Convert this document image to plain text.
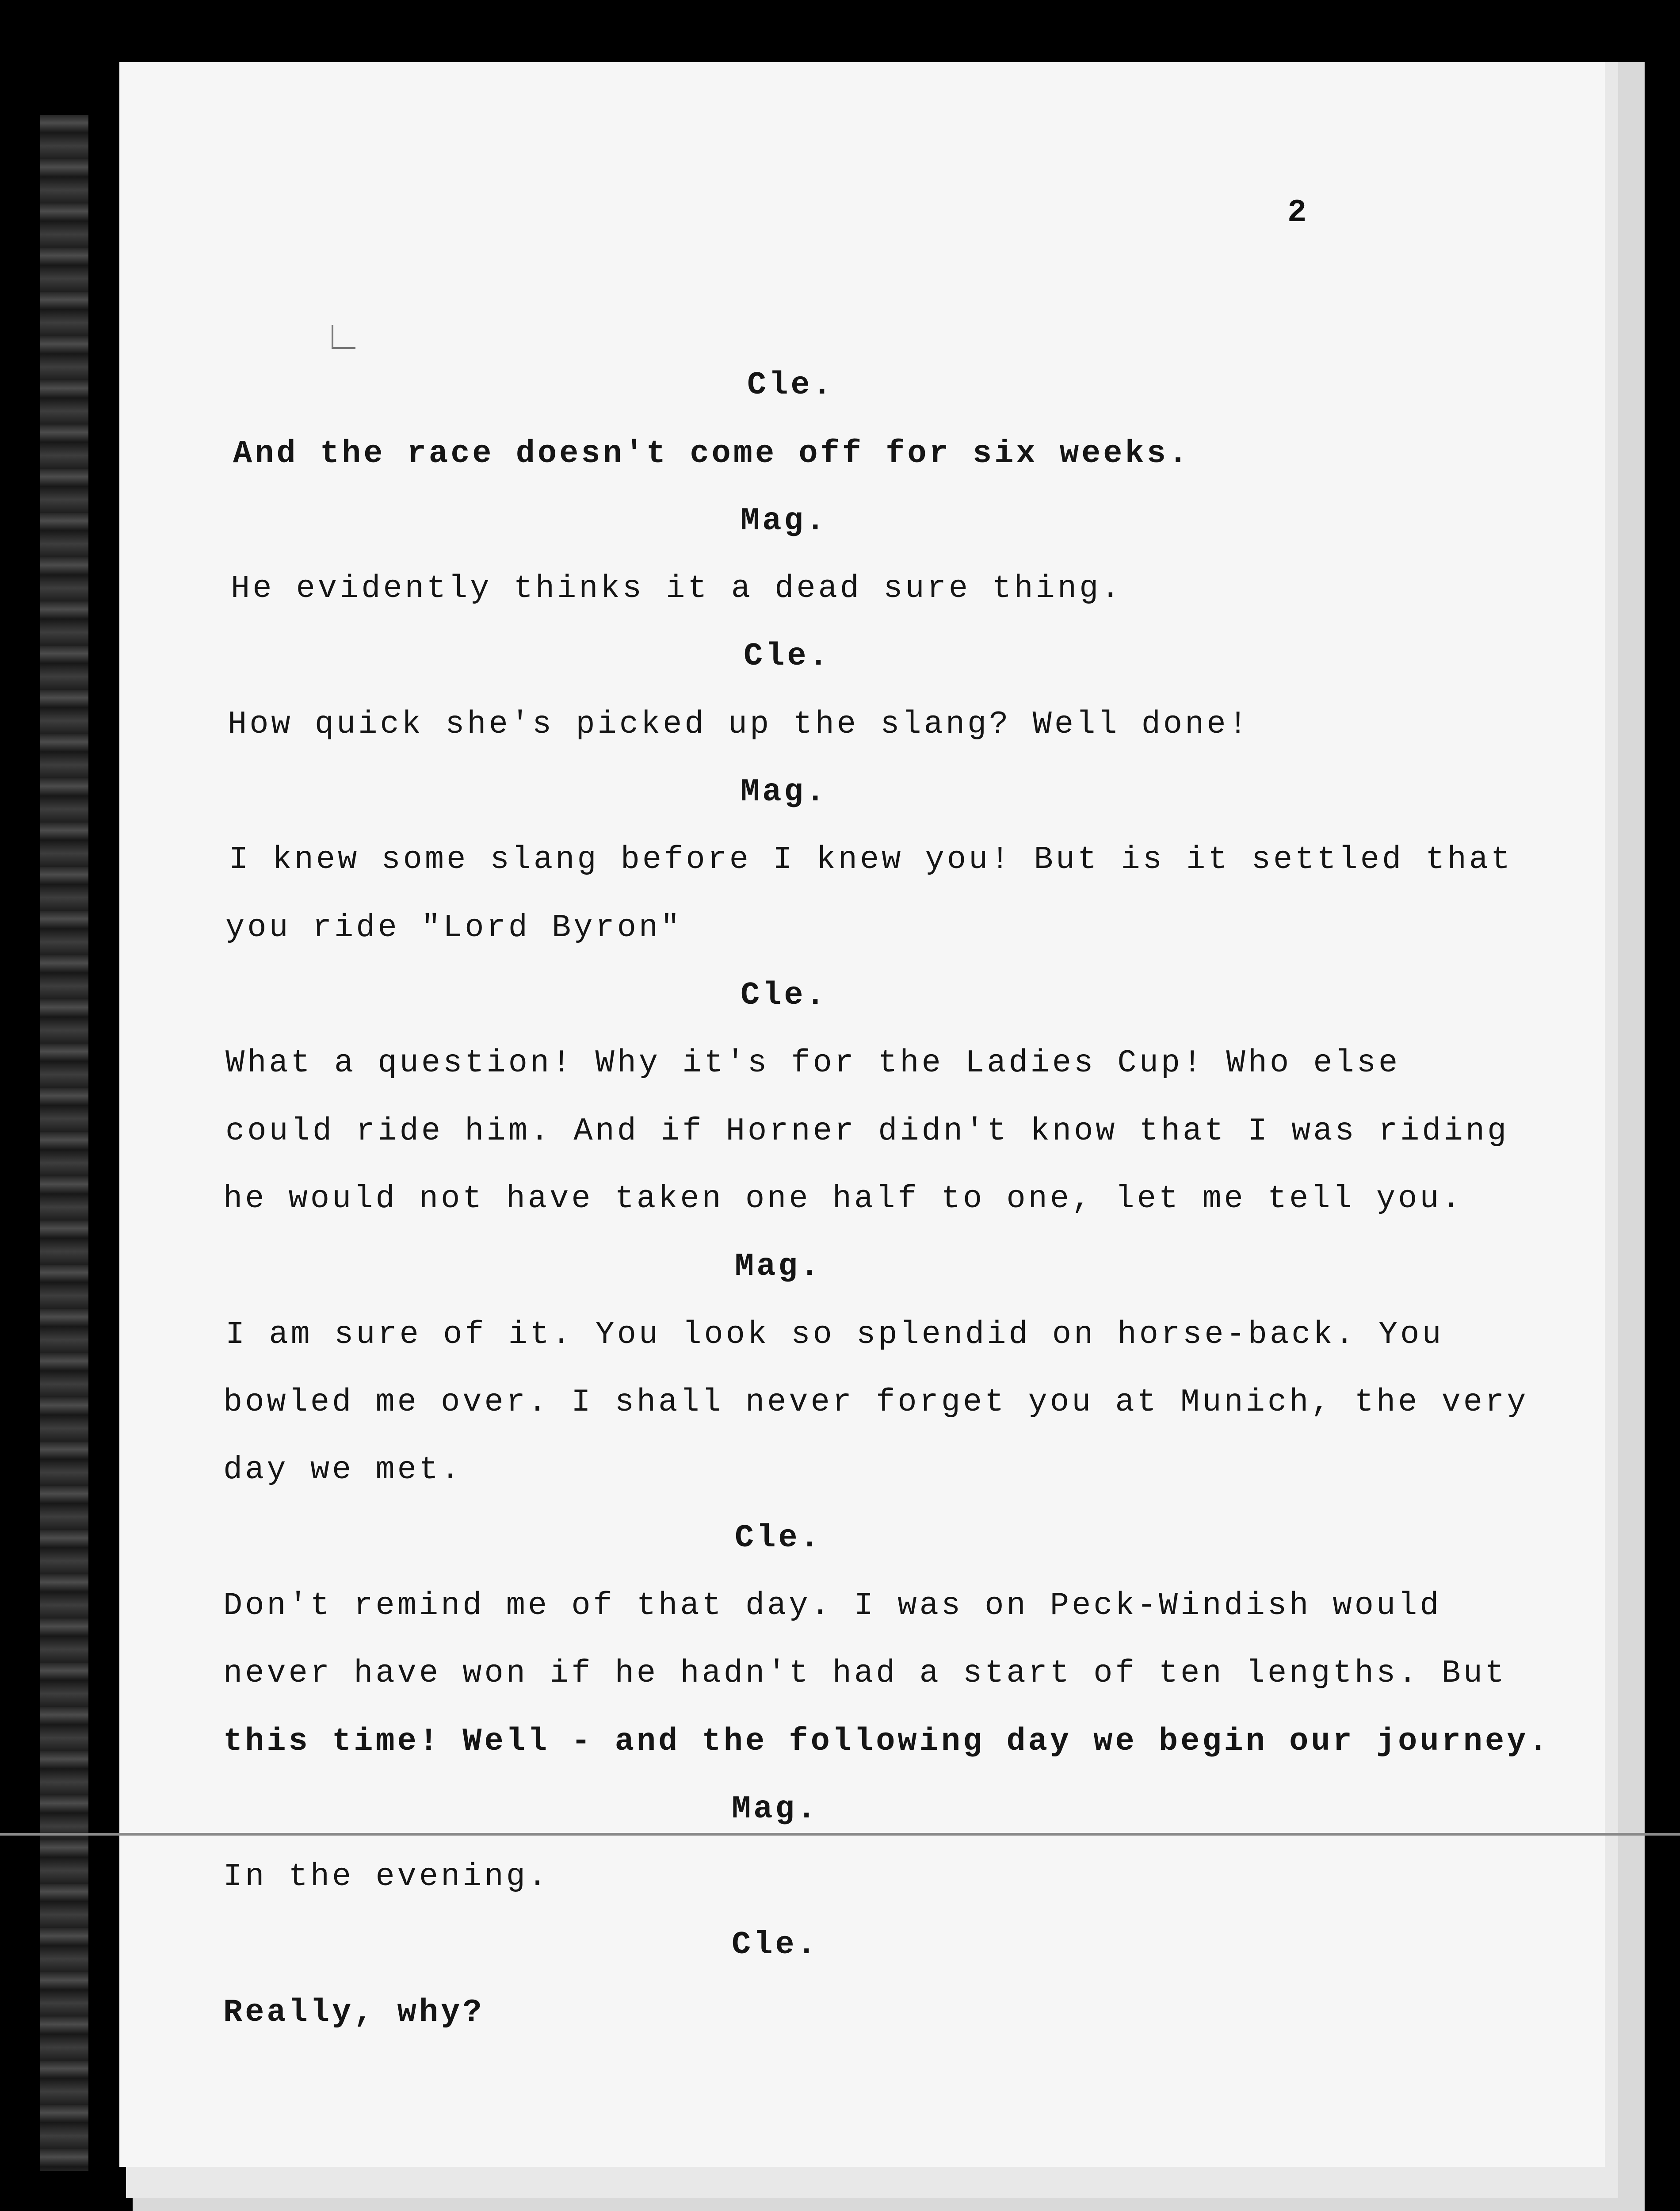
2
Cle.
And the race doesn't come off for six weeks.
Mag.
He evidently thinks it a dead sure thing.
Cle.
How quick she's picked up the slang? Well done!
Mag.
I knew some slang before I knew you! But is it settled that
you ride "Lord Byron"
Cle.
What a question! Why it's for the Ladies Cup! Who else
could ride him. And if Horner didn't know that I was riding
he would not have taken one half to one, let me tell you.
Mag.
I am sure of it. You look so splendid on horse-back. You
bowled me over. I shall never forget you at Munich, the very
day we met.
Cle.
Don't remind me of that day. I was on Peck-Windish would
never have won if he hadn't had a start of ten lengths. But
this time! Well - and the following day we begin our journey.
Mag.
In the evening.
Cle.
Really, why?
